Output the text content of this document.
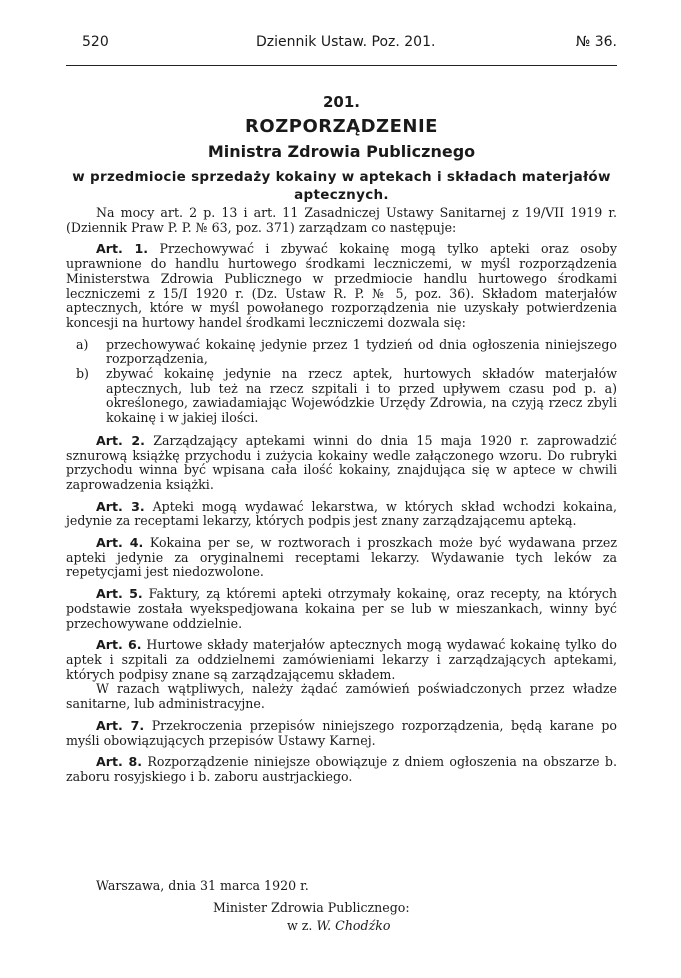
520	Dziennik Ustaw. Poz. 201.	№ 36.
201.
ROZPORZĄDZENIE
Ministra Zdrowia Publicznego
w przedmiocie sprzedaży kokainy w aptekach i składach materjałów aptecznych.

Na mocy art. 2 p. 13 i art. 11 Zasadniczej Ustawy Sanitarnej z 19/VII 1919 r. (Dziennik Praw P. P. № 63, poz. 371) zarządzam co następuje:

Art. 1. Przechowywać i zbywać kokainę mogą tylko apteki oraz osoby uprawnione do handlu hurtowego środkami leczniczemi, w myśl rozporządzenia Ministerstwa Zdrowia Publicznego w przedmiocie handlu hurtowego środkami leczniczemi z 15/I 1920 r. (Dz. Ustaw R. P. № 5, poz. 36). Składom materjałów aptecznych, które w myśl powołanego rozporządzenia nie uzyskały potwierdzenia koncesji na hurtowy handel środkami leczniczemi dozwala się:

a) przechowywać kokainę jedynie przez 1 tydzień od dnia ogłoszenia niniejszego rozporządzenia,
b) zbywać kokainę jedynie na rzecz aptek, hurtowych składów materjałów aptecznych, lub też na rzecz szpitali i to przed upływem czasu pod p. a) określonego, zawiadamiając Wojewódzkie Urzędy Zdrowia, na czyją rzecz zbyli kokainę i w jakiej ilości.

Art. 2. Zarządzający aptekami winni do dnia 15 maja 1920 r. zaprowadzić sznurową książkę przychodu i zużycia kokainy wedle załączonego wzoru. Do rubryki przychodu winna być wpisana cała ilość kokainy, znajdująca się w aptece w chwili zaprowadzenia książki.

Art. 3. Apteki mogą wydawać lekarstwa, w których skład wchodzi kokaina, jedynie za receptami lekarzy, których podpis jest znany zarządzającemu apteką.

Art. 4. Kokaina per se, w roztworach i proszkach może być wydawana przez apteki jedynie za oryginalnemi receptami lekarzy. Wydawanie tych leków za repetycjami jest niedozwolone.

Art. 5. Faktury, zą któremi apteki otrzymały kokainę, oraz recepty, na których podstawie została wyekspedjowana kokaina per se lub w mieszankach, winny być przechowywane oddzielnie.

Art. 6. Hurtowe składy materjałów aptecznych mogą wydawać kokainę tylko do aptek i szpitali za oddzielnemi zamówieniami lekarzy i zarządzających aptekami, których podpisy znane są zarządzającemu składem.

W razach wątpliwych, należy żądać zamówień poświadczonych przez władze sanitarne, lub administracyjne.

Art. 7. Przekroczenia przepisów niniejszego rozporządzenia, będą karane po myśli obowiązujących przepisów Ustawy Karnej.

Art. 8. Rozporządzenie niniejsze obowiązuje z dniem ogłoszenia na obszarze b. zaboru rosyjskiego i b. zaboru austrjackiego.

Warszawa, dnia 31 marca 1920 r.
Minister Zdrowia Publicznego:
w z. W. Chodźko
